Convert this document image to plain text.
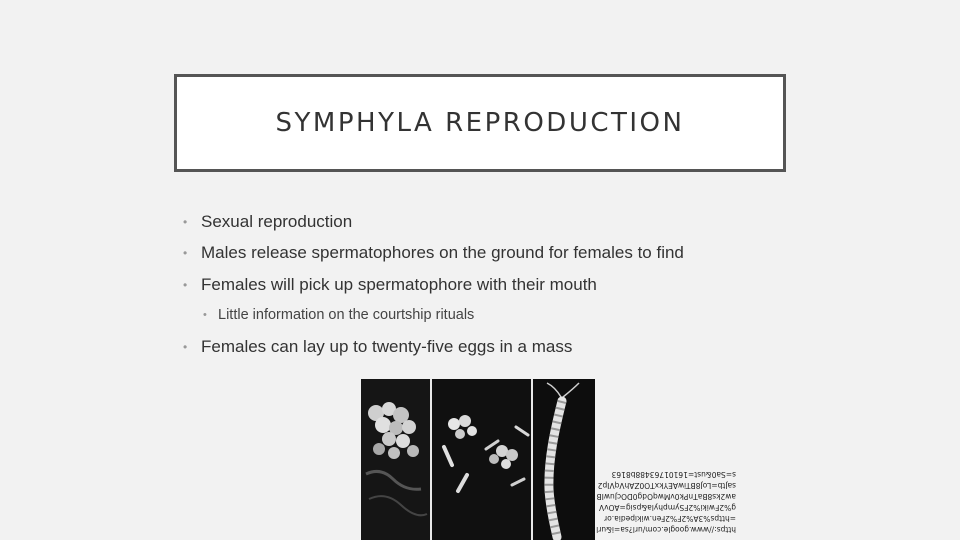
SYMPHYLA REPRODUCTION
• Sexual reproduction
• Males release spermatophores on the ground for females to find
• Females will pick up spermatophore with their mouth
• Little information on the courtship rituals
• Females can lay up to twenty-five eggs in a mass
https://www.google.com/url?sa=i&url=https%3A%2F%2Fen.wikipedia.org%2Fwiki%2FSymphyla&psig=AOvVaw2ks8BaTnPk0vMwqOdg0DOcJuwIBsaJtb=LoJ8BTiwAEYkxTO0ZAhVqVIp2s=Sa0&ust=16101763488b8163
